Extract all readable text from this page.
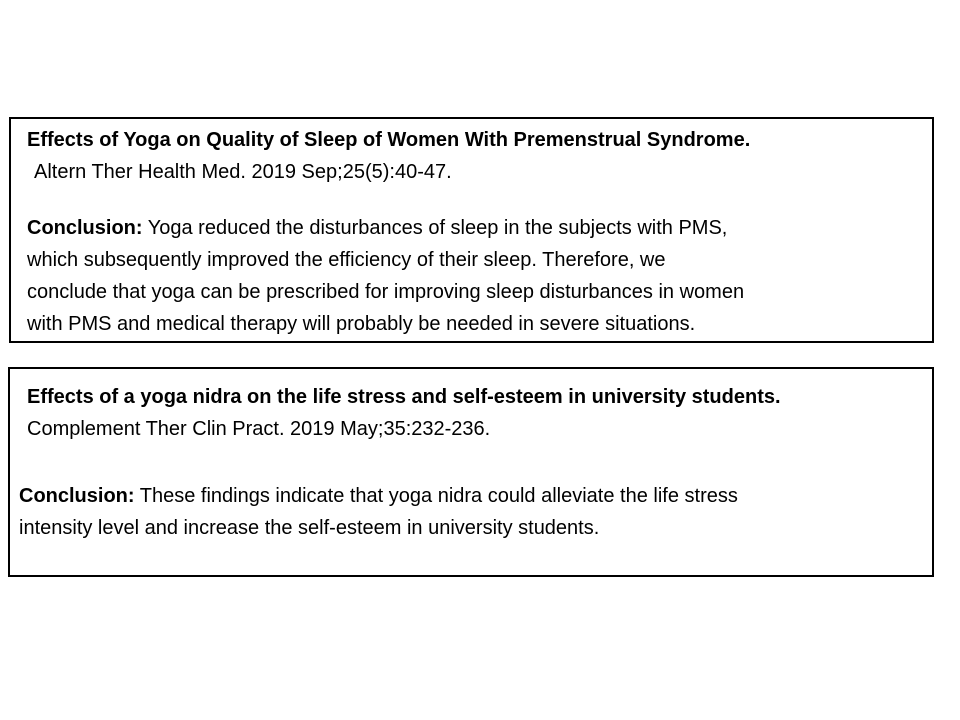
Effects of Yoga on Quality of Sleep of Women With Premenstrual Syndrome.
Altern Ther Health Med. 2019 Sep;25(5):40-47.
Conclusion: Yoga reduced the disturbances of sleep in the subjects with PMS,
which subsequently improved the efficiency of their sleep. Therefore, we
conclude that yoga can be prescribed for improving sleep disturbances in women
with PMS and medical therapy will probably be needed in severe situations.
Effects of a yoga nidra on the life stress and self-esteem in university students.
Complement Ther Clin Pract. 2019 May;35:232-236.
Conclusion: These findings indicate that yoga nidra could alleviate the life stress
intensity level and increase the self-esteem in university students.
